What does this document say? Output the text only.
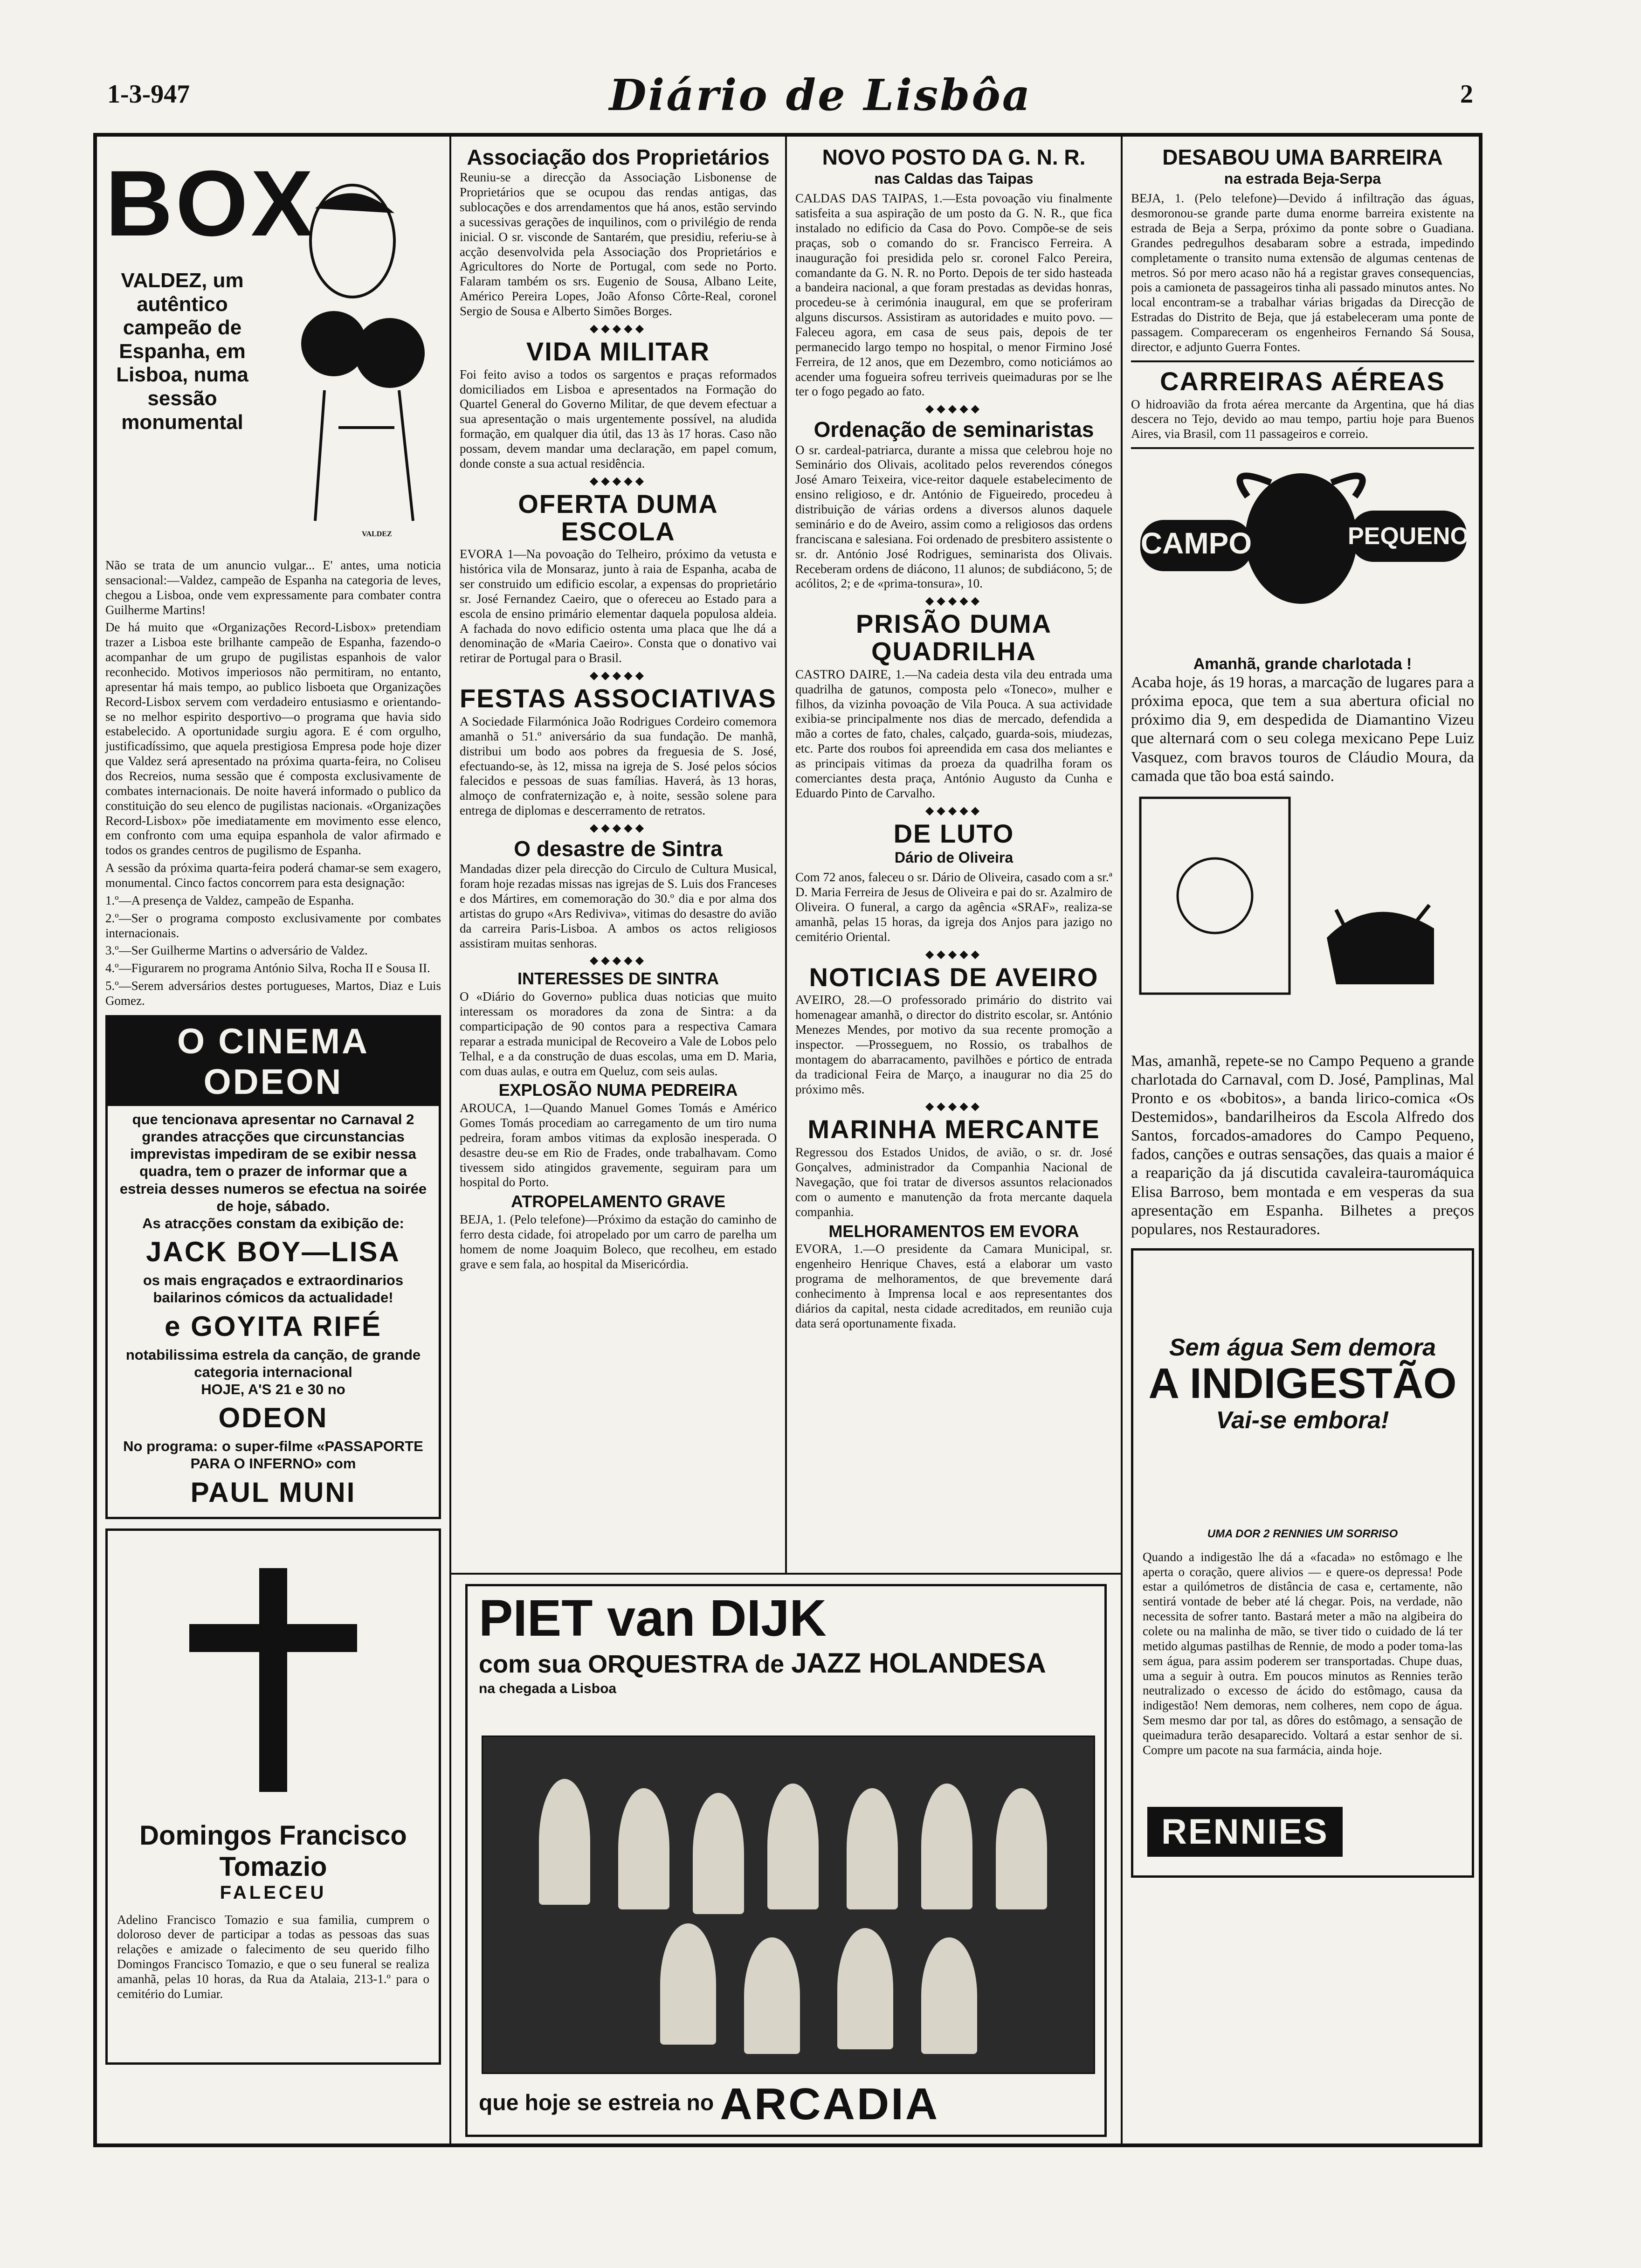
1-3-947	Diário de Lisbôa	2
BOX
VALDEZ, um autêntico campeão de Espanha, em Lisboa, numa sessão monumental
VALDEZ

Não se trata de um anuncio vulgar... E' antes, uma noticia sensacional:—Valdez, campeão de Espanha na categoria de leves, chegou a Lisboa, onde vem expressamente para combater contra Guilherme Martins!

De há muito que «Organizações Record-Lisbox» pretendiam trazer a Lisboa este brilhante campeão de Espanha, fazendo-o acompanhar de um grupo de pugilistas espanhois de valor reconhecido. Motivos imperiosos não permitiram, no entanto, apresentar há mais tempo, ao publico lisboeta que Organizações Record-Lisbox servem com verdadeiro entusiasmo e orientando-se no melhor espirito desportivo—o programa que havia sido estabelecido. A oportunidade surgiu agora. E é com orgulho, justificadíssimo, que aquela prestigiosa Empresa pode hoje dizer que Valdez será apresentado na próxima quarta-feira, no Coliseu dos Recreios, numa sessão que é composta exclusivamente de combates internacionais. De noite haverá informado o publico da constituição do seu elenco de pugilistas nacionais. «Organizações Record-Lisbox» põe imediatamente em movimento esse elenco, em confronto com uma equipa espanhola de valor afirmado e todos os grandes centros de pugilismo de Espanha.

A sessão da próxima quarta-feira poderá chamar-se sem exagero, monumental. Cinco factos concorrem para esta designação:

1.º—A presença de Valdez, campeão de Espanha.

2.º—Ser o programa composto exclusivamente por combates internacionais.

3.º—Ser Guilherme Martins o adversário de Valdez.

4.º—Figurarem no programa António Silva, Rocha II e Sousa II.

5.º—Serem adversários destes portugueses, Martos, Diaz e Luis Gomez.

O CINEMA ODEON
que tencionava apresentar no Carnaval 2 grandes atracções que circunstancias imprevistas impediram de se exibir nessa quadra, tem o prazer de informar que a estreia desses numeros se efectua na soirée de hoje, sábado.
As atracções constam da exibição de:
JACK BOY—LISA
os mais engraçados e extraordinarios bailarinos cómicos da actualidade!
e GOYITA RIFÉ
notabilissima estrela da canção, de grande categoria internacional
HOJE, A'S 21 e 30 no
ODEON
No programa: o super-filme «PASSAPORTE PARA O INFERNO» com
PAUL MUNI
Domingos Francisco Tomazio
FALECEU

Adelino Francisco Tomazio e sua familia, cumprem o doloroso dever de participar a todas as pessoas das suas relações e amizade o falecimento de seu querido filho Domingos Francisco Tomazio, e que o seu funeral se realiza amanhã, pelas 10 horas, da Rua da Atalaia, 213-1.º para o cemitério do Lumiar.

Associação dos Proprietários

Reuniu-se a direcção da Associação Lisbonense de Proprietários que se ocupou das rendas antigas, das sublocações e dos arrendamentos que há anos, estão servindo a sucessivas gerações de inquilinos, com o privilégio de renda inicial. O sr. visconde de Santarém, que presidiu, referiu-se à acção desenvolvida pela Associação dos Proprietários e Agricultores do Norte de Portugal, com sede no Porto. Falaram também os srs. Eugenio de Sousa, Albano Leite, Américo Pereira Lopes, João Afonso Côrte-Real, coronel Sergio de Sousa e Alberto Simões Borges.

◆◆◆◆◆
VIDA MILITAR

Foi feito aviso a todos os sargentos e praças reformados domiciliados em Lisboa e apresentados na Formação do Quartel General do Governo Militar, de que devem efectuar a sua apresentação o mais urgentemente possível, na aludida formação, em qualquer dia útil, das 13 às 17 horas. Caso não possam, devem mandar uma declaração, em papel comum, donde conste a sua actual residência.

◆◆◆◆◆
OFERTA DUMA ESCOLA

EVORA 1—Na povoação do Telheiro, próximo da vetusta e histórica vila de Monsaraz, junto à raia de Espanha, acaba de ser construido um edificio escolar, a expensas do proprietário sr. José Fernandez Caeiro, que o ofereceu ao Estado para a escola de ensino primário elementar daquela populosa aldeia. A fachada do novo edificio ostenta uma placa que lhe dá a denominação de «Maria Caeiro». Consta que o donativo vai retirar de Portugal para o Brasil.

◆◆◆◆◆
FESTAS ASSOCIATIVAS

A Sociedade Filarmónica João Rodrigues Cordeiro comemora amanhã o 51.º aniversário da sua fundação. De manhã, distribui um bodo aos pobres da freguesia de S. José, efectuando-se, às 12, missa na igreja de S. José pelos sócios falecidos e pessoas de suas famílias. Haverá, às 13 horas, almoço de confraternização e, à noite, sessão solene para entrega de diplomas e descerramento de retratos.

◆◆◆◆◆
O desastre de Sintra

Mandadas dizer pela direcção do Circulo de Cultura Musical, foram hoje rezadas missas nas igrejas de S. Luis dos Franceses e dos Mártires, em comemoração do 30.º dia e por alma dos artistas do grupo «Ars Rediviva», vitimas do desastre do avião da carreira Paris-Lisboa. A ambos os actos religiosos assistiram muitas senhoras.

◆◆◆◆◆
INTERESSES DE SINTRA

O «Diário do Governo» publica duas noticias que muito interessam os moradores da zona de Sintra: a da comparticipação de 90 contos para a respectiva Camara reparar a estrada municipal de Recoveiro a Vale de Lobos pelo Telhal, e a da construção de duas escolas, uma em D. Maria, com duas aulas, e outra em Queluz, com seis aulas.

EXPLOSÃO NUMA PEDREIRA

AROUCA, 1—Quando Manuel Gomes Tomás e Américo Gomes Tomás procediam ao carregamento de um tiro numa pedreira, foram ambos vitimas da explosão inesperada. O desastre deu-se em Rio de Frades, onde trabalhavam. Como tivessem sido atingidos gravemente, seguiram para um hospital do Porto.

ATROPELAMENTO GRAVE

BEJA, 1. (Pelo telefone)—Próximo da estação do caminho de ferro desta cidade, foi atropelado por um carro de parelha um homem de nome Joaquim Boleco, que recolheu, em estado grave e sem fala, ao hospital da Misericórdia.

NOVO POSTO DA G. N. R.
nas Caldas das Taipas

CALDAS DAS TAIPAS, 1.—Esta povoação viu finalmente satisfeita a sua aspiração de um posto da G. N. R., que fica instalado no edificio da Casa do Povo. Compõe-se de seis praças, sob o comando do sr. Francisco Ferreira. A inauguração foi presidida pelo sr. coronel Falco Pereira, comandante da G. N. R. no Porto. Depois de ter sido hasteada a bandeira nacional, a que foram prestadas as devidas honras, procedeu-se à cerimónia inaugural, em que se proferiram alguns discursos. Assistiram as autoridades e muito povo. —Faleceu agora, em casa de seus pais, depois de ter permanecido largo tempo no hospital, o menor Firmino José Ferreira, de 12 anos, que em Dezembro, como noticiámos ao acender uma fogueira sofreu terriveis queimaduras por se lhe ter o fogo pegado ao fato.

◆◆◆◆◆
Ordenação de seminaristas

O sr. cardeal-patriarca, durante a missa que celebrou hoje no Seminário dos Olivais, acolitado pelos reverendos cónegos José Amaro Teixeira, vice-reitor daquele estabelecimento de ensino religioso, e dr. António de Figueiredo, procedeu à distribuição de várias ordens a diversos alunos daquele seminário e do de Aveiro, assim como a religiosos das ordens franciscana e salesiana. Foi ordenado de presbitero assistente o sr. dr. António José Rodrigues, seminarista dos Olivais. Receberam ordens de diácono, 11 alunos; de subdiácono, 5; de acólitos, 2; e de «prima-tonsura», 10.

◆◆◆◆◆
PRISÃO DUMA QUADRILHA

CASTRO DAIRE, 1.—Na cadeia desta vila deu entrada uma quadrilha de gatunos, composta pelo «Toneco», mulher e filhos, da vizinha povoação de Vila Pouca. A sua actividade exibia-se principalmente nos dias de mercado, defendida a mão a cortes de fato, chales, calçado, guarda-sois, miudezas, etc. Parte dos roubos foi apreendida em casa dos meliantes e as principais vitimas da proeza da quadrilha foram os comerciantes desta praça, António Augusto da Cunha e Eduardo Pinto de Carvalho.

◆◆◆◆◆
DE LUTO
Dário de Oliveira

Com 72 anos, faleceu o sr. Dário de Oliveira, casado com a sr.ª D. Maria Ferreira de Jesus de Oliveira e pai do sr. Azalmiro de Oliveira. O funeral, a cargo da agência «SRAF», realiza-se amanhã, pelas 15 horas, da igreja dos Anjos para jazigo no cemitério Oriental.

◆◆◆◆◆
NOTICIAS DE AVEIRO

AVEIRO, 28.—O professorado primário do distrito vai homenagear amanhã, o director do distrito escolar, sr. António Menezes Mendes, por motivo da sua recente promoção a inspector. —Prosseguem, no Rossio, os trabalhos de montagem do abarracamento, pavilhões e pórtico de entrada da tradicional Feira de Março, a inaugurar no dia 25 do próximo mês.

◆◆◆◆◆
MARINHA MERCANTE

Regressou dos Estados Unidos, de avião, o sr. dr. José Gonçalves, administrador da Companhia Nacional de Navegação, que foi tratar de diversos assuntos relacionados com o aumento e manutenção da frota mercante daquela companhia.

MELHORAMENTOS EM EVORA

EVORA, 1.—O presidente da Camara Municipal, sr. engenheiro Henrique Chaves, está a elaborar um vasto programa de melhoramentos, de que brevemente dará conhecimento à Imprensa local e aos representantes dos diários da capital, nesta cidade acreditados, em reunião cuja data será oportunamente fixada.

PIET van DIJK
com sua ORQUESTRA de JAZZ HOLANDESA
na chegada a Lisboa
que hoje se estreia no ARCADIA
DESABOU UMA BARREIRA
na estrada Beja-Serpa

BEJA, 1. (Pelo telefone)—Devido á infiltração das águas, desmoronou-se grande parte duma enorme barreira existente na estrada de Beja a Serpa, próximo da ponte sobre o Guadiana. Grandes pedregulhos desabaram sobre a estrada, impedindo completamente o transito numa extensão de algumas centenas de metros. Só por mero acaso não há a registar graves consequencias, pois a camioneta de passageiros tinha ali passado minutos antes. No local encontram-se a trabalhar várias brigadas da Direcção de Estradas do Distrito de Beja, que já estabeleceram uma ponte de passagem. Compareceram os engenheiros Fernando Sá Sousa, director, e adjunto Guerra Fontes.

CARREIRAS AÉREAS

O hidroavião da frota aérea mercante da Argentina, que há dias descera no Tejo, devido ao mau tempo, partiu hoje para Buenos Aires, via Brasil, com 11 passageiros e correio.

CAMPO	PEQUENO
Amanhã, grande charlotada !

Acaba hoje, ás 19 horas, a marcação de lugares para a próxima epoca, que tem a sua abertura oficial no próximo dia 9, em despedida de Diamantino Vizeu que alternará com o seu colega mexicano Pepe Luiz Vasquez, com bravos touros de Cláudio Moura, da camada que tão boa está saindo.

Mas, amanhã, repete-se no Campo Pequeno a grande charlotada do Carnaval, com D. José, Pamplinas, Mal Pronto e os «bobitos», a banda lirico-comica «Os Destemidos», bandarilheiros da Escola Alfredo dos Santos, forcados-amadores do Campo Pequeno, fados, canções e outras sensações, das quais a maior é a reaparição da já discutida cavaleira-tauromáquica Elisa Barroso, bem montada e em vesperas da sua apresentação em Espanha. Bilhetes a preços populares, nos Restauradores.

Sem água Sem demora
A INDIGESTÃO
Vai-se embora!
UMA DOR 2 RENNIES UM SORRISO

Quando a indigestão lhe dá a «facada» no estômago e lhe aperta o coração, quere alivios — e quere-os depressa! Pode estar a quilómetros de distância de casa e, certamente, não sentirá vontade de beber até lá chegar. Pois, na verdade, não necessita de sofrer tanto. Bastará meter a mão na algibeira do colete ou na malinha de mão, se tiver tido o cuidado de lá ter metido algumas pastilhas de Rennie, de modo a poder toma-las sem água, para assim poderem ser transportadas. Chupe duas, uma a seguir à outra. Em poucos minutos as Rennies terão neutralizado o excesso de ácido do estômago, causa da indigestão! Nem demoras, nem colheres, nem copo de água. Sem mesmo dar por tal, as dôres do estômago, a sensação de queimadura terão desaparecido. Voltará a estar senhor de si. Compre um pacote na sua farmácia, ainda hoje.

RENNIES
